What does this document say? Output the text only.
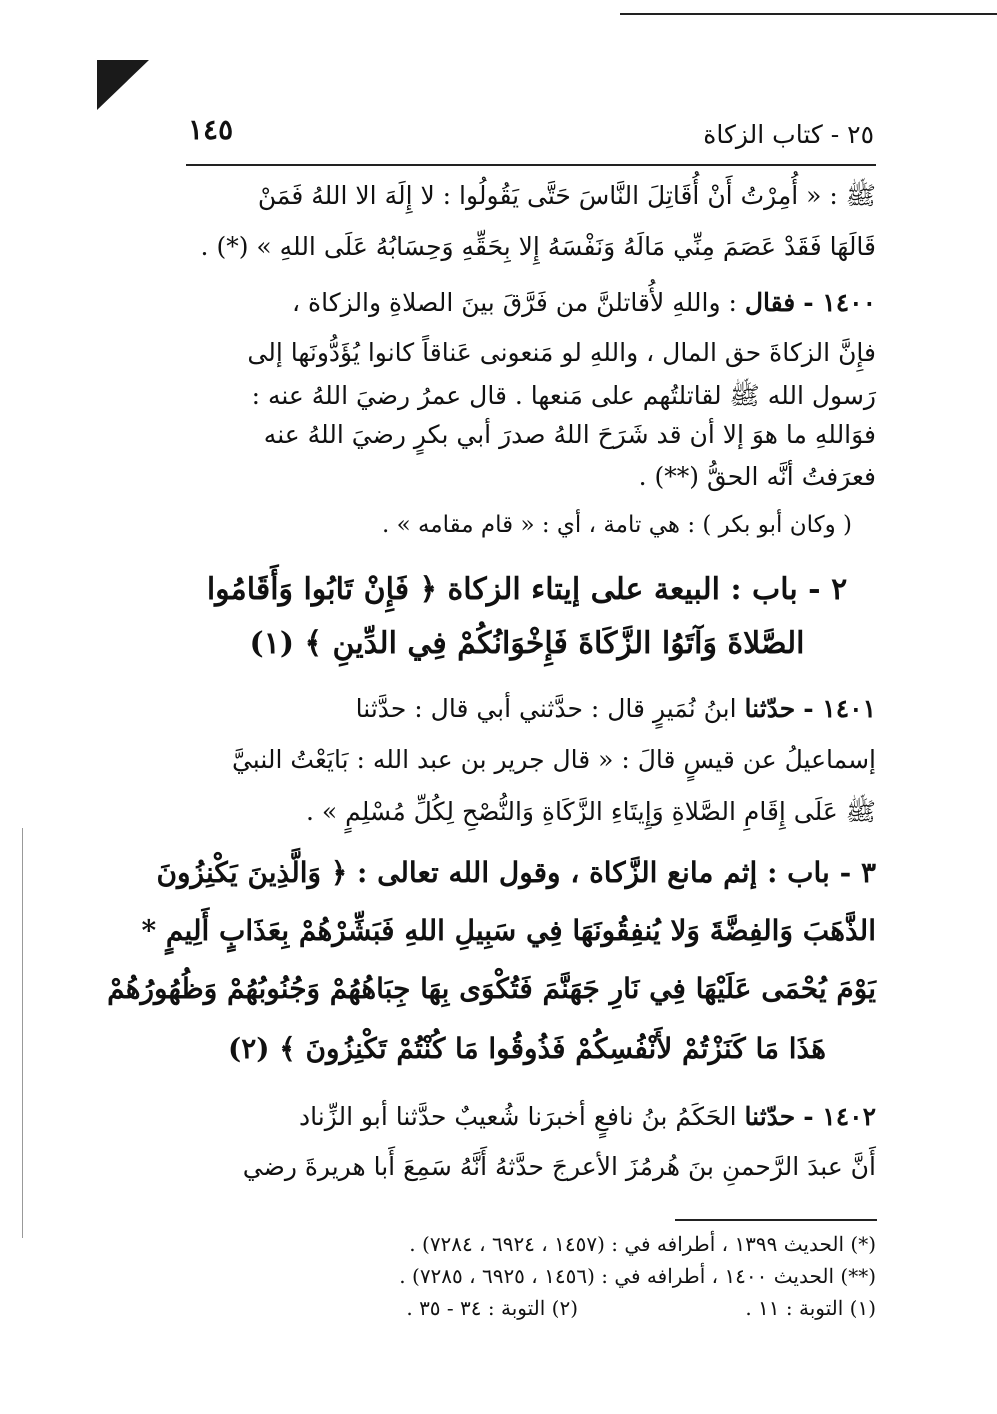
١٤٥	٢٥ - كتاب الزكاة
ﷺ : « أُمِرْتُ أَنْ أُقَاتِلَ النَّاسَ حَتَّى يَقُولُوا : لا إِلَهَ الا اللهُ فَمَنْ
قَالَهَا فَقَدْ عَصَمَ مِنِّي مَالَهُ وَنَفْسَهُ إِلا بِحَقِّهِ وَحِسَابُهُ عَلَى اللهِ » (*) .
١٤٠٠ - فقال : واللهِ لأُقاتلنَّ من فَرَّقَ بينَ الصلاةِ والزكاة ،
فإِنَّ الزكاةَ حق المال ، واللهِ لو مَنعونى عَناقاً كانوا يُؤَدُّونَها إلى
رَسول الله ﷺ لقاتلتُهم على مَنعها . قال عمرُ رضيَ اللهُ عنه :
فوَاللهِ ما هوَ إلا أن قد شَرَحَ اللهُ صدرَ أبي بكرٍ رضيَ اللهُ عنه
فعرَفتُ أنَّه الحقُّ (**) .
( وكان أبو بكر ) : هي تامة ، أي : « قام مقامه » .
٢ - باب : البيعة على إيتاء الزكاة ﴿ فَإِنْ تَابُوا وَأَقَامُوا
الصَّلاةَ وَآتَوُا الزَّكَاةَ فَإِخْوَانُكُمْ فِي الدِّينِ ﴾ (١)
١٤٠١ - حدّثنا ابنُ نُمَيرٍ قال : حدَّثني أبي قال : حدَّثنا
إسماعيلُ عن قيسٍ قالَ : « قال جرير بن عبد الله : بَايَعْتُ النبيَّ
ﷺ عَلَى إِقَامِ الصَّلاةِ وَإِيتَاءِ الزَّكَاةِ وَالنُّصْحِ لِكُلِّ مُسْلِمٍ » .
٣ - باب : إثم مانع الزَّكاة ، وقول الله تعالى : ﴿ وَالَّذِينَ يَكْنِزُونَ
الذَّهَبَ وَالفِضَّةَ وَلا يُنفِقُونَهَا فِي سَبِيلِ اللهِ فَبَشِّرْهُمْ بِعَذَابٍ أَلِيمٍ *
يَوْمَ يُحْمَى عَلَيْهَا فِي نَارِ جَهَنَّمَ فَتُكْوَى بِهَا جِبَاهُهُمْ وَجُنُوبُهُمْ وَظُهُورُهُمْ
هَذَا مَا كَنَزْتُمْ لأَنْفُسِكُمْ فَذُوقُوا مَا كُنْتُمْ تَكْنِزُونَ ﴾ (٢)
١٤٠٢ - حدّثنا الحَكَمُ بنُ نافعٍ أخبرَنا شُعيبٌ حدَّثنا أبو الزِّناد
أَنَّ عبدَ الرَّحمنِ بنَ هُرمُزَ الأعرجَ حدَّثهُ أَنَّهُ سَمِعَ أَبا هريرةَ رضي
(*) الحديث ١٣٩٩ ، أطرافه في : (١٤٥٧ ، ٦٩٢٤ ، ٧٢٨٤) .
(**) الحديث ١٤٠٠ ، أطرافه في : (١٤٥٦ ، ٦٩٢٥ ، ٧٢٨٥) .
(١) التوبة : ١١ .
(٢) التوبة : ٣٤ - ٣٥ .
